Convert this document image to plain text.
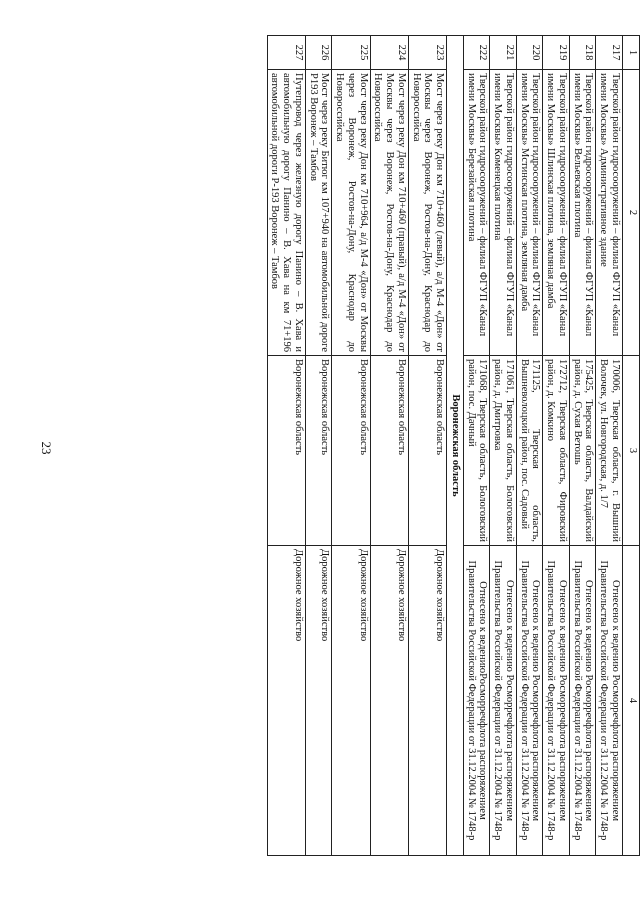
23
1	2	3	4
217	Тверской район гидросооружений – филиал ФГУП «Канал имени Москвы» Административное здание	170006, Тверская область, г. Вышний Волочек, ул. Новгородская, д. 1/7	Отнесено к ведению Росморречфлота распоряжением Правительства Российской Федерации от 31.12.2004 № 1748-р
218	Тверской район гидросооружений – филиал ФГУП «Канал имени Москвы» Вельевская плотина	175425, Тверская область, Валдайский район, д. Сухая Ветошь	Отнесено к ведению Росморречфлота распоряжением Правительства Российской Федерации от 31.12.2004 № 1748-р
219	Тверской район гидросооружений – филиал ФГУП «Канал имени Москвы» Шлинская плотина, земляная дамба	172712, Тверская область, Фировский район, д. Комкино	Отнесено к ведению Росморречфлота распоряжением Правительства Российской Федерации от 31.12.2004 № 1748-р
220	Тверской район гидросооружений – филиал ФГУП «Канал имени Москвы» Мстинская плотина, земляная дамба	171125, Тверская область, Вышневолоцкий район, пос. Садовый	Отнесено к ведению Росморречфлота распоряжением Правительства Российской Федерации от 31.12.2004 № 1748-р
221	Тверской район гидросооружений – филиал ФГУП «Канал имени Москвы» Коменецкая плотина	171061, Тверская область, Бологовский район, д. Дмитровка	Отнесено к ведению Росморречфлота распоряжением Правительства Российской Федерации от 31.12.2004 № 1748-р
222	Тверской район гидросооружений – филиал ФГУП «Канал имени Москвы» Березайская плотина	171068, Тверская область, Бологовский район, пос. Дачный	Отнесено к ведениюРосморречфлота распоряжением Правительства Российской Федерации от 31.12.2004 № 1748-р
Воронежская область			
223	Мост через реку Дон км 710+460 (левый), а/д М-4 «Дон» от Москвы через Воронеж, Ростов-на-Дону, Краснодар до Новороссийска	Воронежская область	Дорожное хозяйство
224	Мост через реку Дон км 710+460 (правый), а/д М-4 «Дон» от Москвы через Воронеж, Ростов-на-Дону, Краснодар до Новороссийска	Воронежская область	Дорожное хозяйство
225	Мост через реку Дон км 710+964, а/д М-4 «Дон» от Москвы через Воронеж, Ростов-на-Дону, Краснодар до Новороссийска	Воронежская область	Дорожное хозяйство
226	Мост через реку Битюг км 107+940 на автомобильной дороге Р193 Воронеж – Тамбов	Воронежская область	Дорожное хозяйство
227	Путепровод через железную дорогу Панино – В. Хава и автомобильную дорогу Панино – В. Хава на км 71+196 автомобильной дороги Р-193 Воронеж – Тамбов	Воронежская область	Дорожное хозяйство
